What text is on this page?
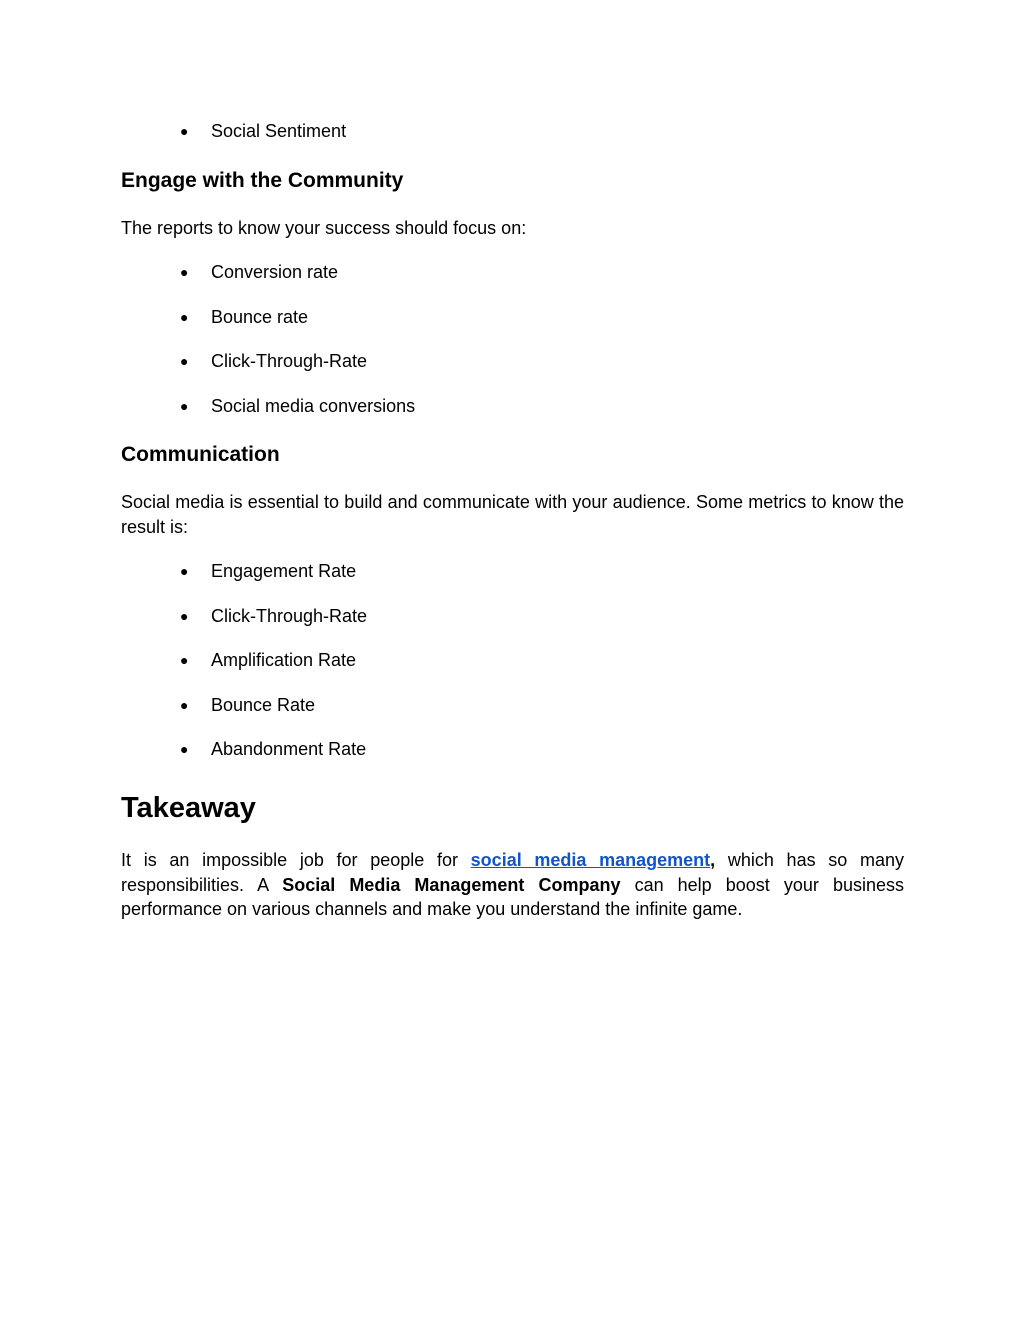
● Social Sentiment
Engage with the Community

The reports to know your success should focus on:

● Conversion rate
● Bounce rate
● Click-Through-Rate
● Social media conversions
Communication

Social media is essential to build and communicate with your audience. Some metrics to know the result is:

● Engagement Rate
● Click-Through-Rate
● Amplification Rate
● Bounce Rate
● Abandonment Rate
Takeaway

It is an impossible job for people for social media management, which has so many responsibilities. A Social Media Management Company can help boost your business performance on various channels and make you understand the infinite game.
